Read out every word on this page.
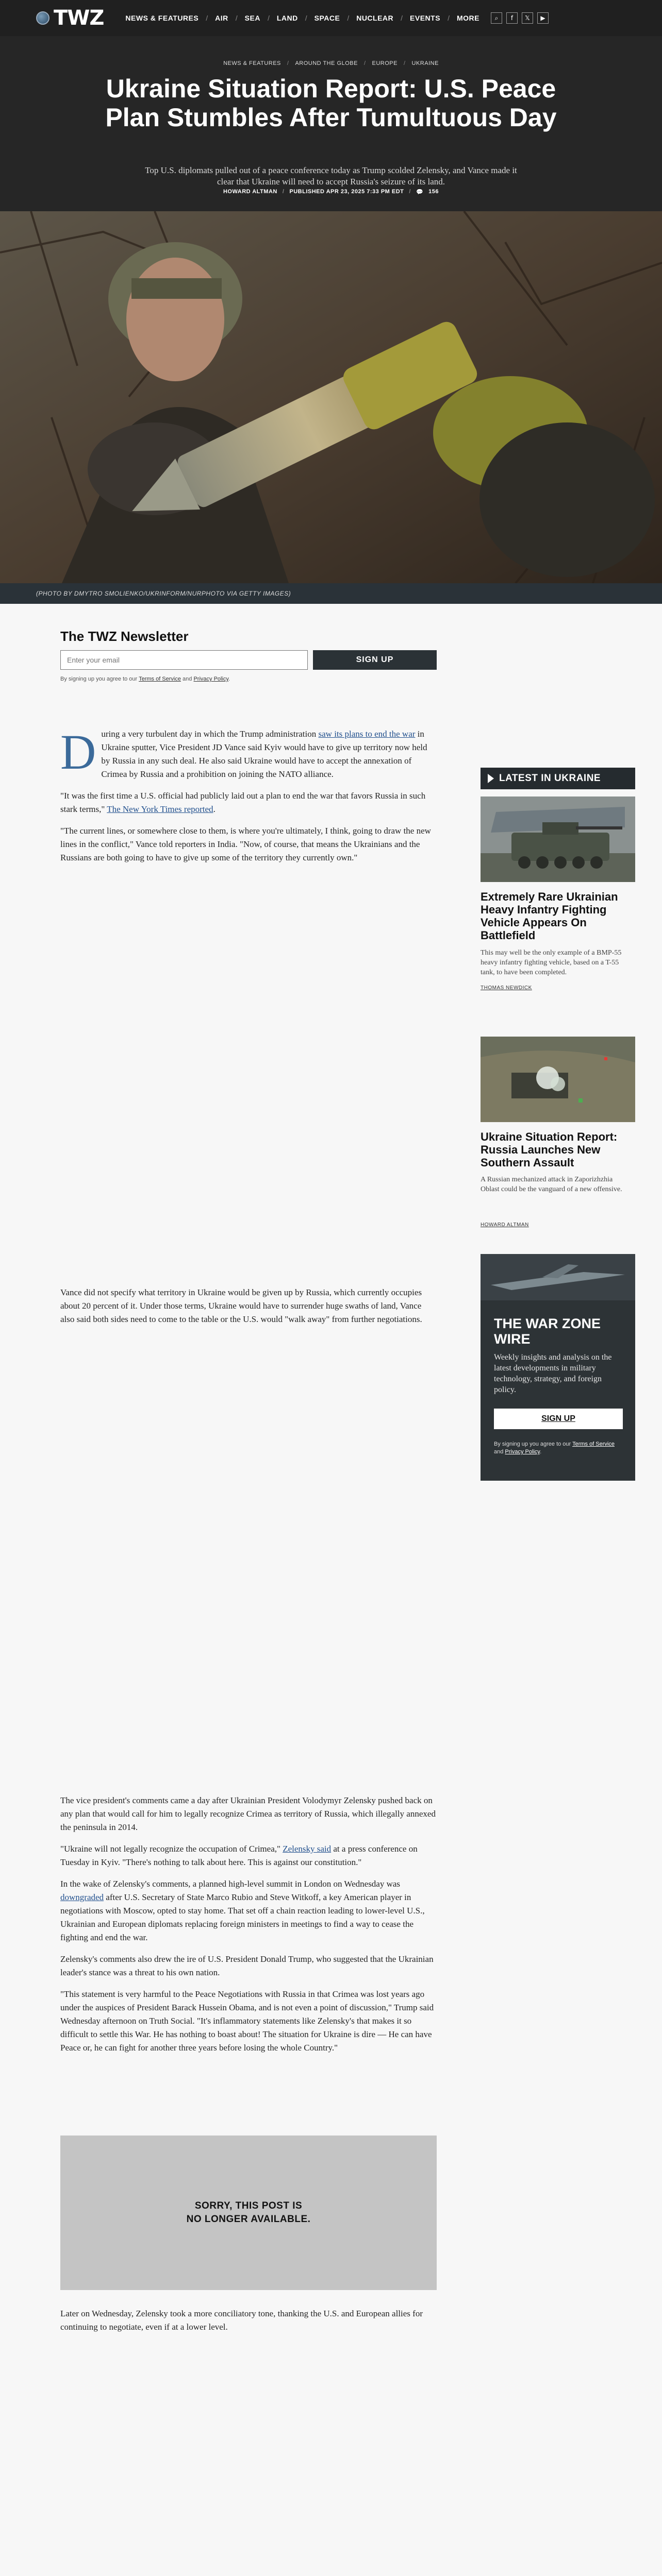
TWZ	NEWS & FEATURES / AIR / SEA / LAND / SPACE / NUCLEAR / EVENTS / MORE	⌕	f	𝕏	▶
NEWS & FEATURES / AROUND THE GLOBE / EUROPE / UKRAINE
Ukraine Situation Report: U.S. Peace Plan Stumbles After Tumultuous Day

Top U.S. diplomats pulled out of a peace conference today as Trump scolded Zelensky, and Vance made it clear that Ukraine will need to accept Russia's seizure of its land.

HOWARD ALTMAN / PUBLISHED APR 23, 2025 7:33 PM EDT / 💬 156
(PHOTO BY DMYTRO SMOLIENKO/UKRINFORM/NURPHOTO VIA GETTY IMAGES)
The TWZ Newsletter
Enter your email
SIGN UP
By signing up you agree to our Terms of Service and Privacy Policy.

During a very turbulent day in which the Trump administration saw its plans to end the war in Ukraine sputter, Vice President JD Vance said Kyiv would have to give up territory now held by Russia in any such deal. He also said Ukraine would have to accept the annexation of Crimea by Russia and a prohibition on joining the NATO alliance.

"It was the first time a U.S. official had publicly laid out a plan to end the war that favors Russia in such stark terms," The New York Times reported.

"The current lines, or somewhere close to them, is where you're ultimately, I think, going to draw the new lines in the conflict," Vance told reporters in India. "Now, of course, that means the Ukrainians and the Russians are both going to have to give up some of the territory they currently own."

Vance did not specify what territory in Ukraine would be given up by Russia, which currently occupies about 20 percent of it. Under those terms, Ukraine would have to surrender huge swaths of land, Vance also said both sides need to come to the table or the U.S. would "walk away" from further negotiations.

The vice president's comments came a day after Ukrainian President Volodymyr Zelensky pushed back on any plan that would call for him to legally recognize Crimea as territory of Russia, which illegally annexed the peninsula in 2014.

"Ukraine will not legally recognize the occupation of Crimea," Zelensky said at a press conference on Tuesday in Kyiv. "There's nothing to talk about here. This is against our constitution."

In the wake of Zelensky's comments, a planned high-level summit in London on Wednesday was downgraded after U.S. Secretary of State Marco Rubio and Steve Witkoff, a key American player in negotiations with Moscow, opted to stay home. That set off a chain reaction leading to lower-level U.S., Ukrainian and European diplomats replacing foreign ministers in meetings to find a way to cease the fighting and end the war.

Zelensky's comments also drew the ire of U.S. President Donald Trump, who suggested that the Ukrainian leader's stance was a threat to his own nation.

"This statement is very harmful to the Peace Negotiations with Russia in that Crimea was lost years ago under the auspices of President Barack Hussein Obama, and is not even a point of discussion," Trump said Wednesday afternoon on Truth Social. "It's inflammatory statements like Zelensky's that makes it so difficult to settle this War. He has nothing to boast about! The situation for Ukraine is dire — He can have Peace or, he can fight for another three years before losing the whole Country."

SORRY, THIS POST IS
NO LONGER AVAILABLE.

Later on Wednesday, Zelensky took a more conciliatory tone, thanking the U.S. and European allies for continuing to negotiate, even if at a lower level.

LATEST IN UKRAINE
Extremely Rare Ukrainian Heavy Infantry Fighting Vehicle Appears On Battlefield
This may well be the only example of a BMP-55 heavy infantry fighting vehicle, based on a T-55 tank, to have been completed.
THOMAS NEWDICK
Ukraine Situation Report: Russia Launches New Southern Assault
A Russian mechanized attack in Zaporizhzhia Oblast could be the vanguard of a new offensive.
HOWARD ALTMAN
THE WAR ZONE
WIRE
Weekly insights and analysis on the latest developments in military technology, strategy, and foreign policy.
SIGN UP
By signing up you agree to our Terms of Service and Privacy Policy.
